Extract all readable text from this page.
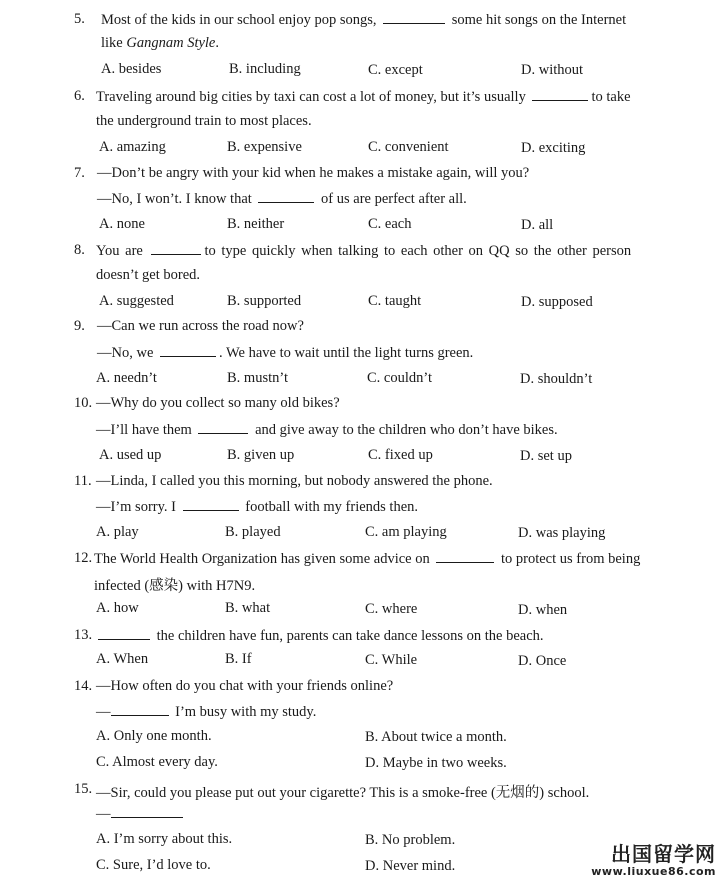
5. Most of the kids in our school enjoy pop songs,	some hit songs on the Internet
like Gangnam Style.
A. besides	B. including	C. except	D. without
6. Traveling around big cities by taxi can cost a lot of money, but it’s usually	to take
the underground train to most places.
A. amazing	B. expensive	C. convenient	D. exciting
7. —Don’t be angry with your kid when he makes a mistake again, will you?
—No, I won’t. I know that	of us are perfect after all.
A. none	B. neither	C. each	D. all
8. You are	to type quickly when talking to each other on QQ so the other person
doesn’t get bored.
A. suggested	B. supported	C. taught	D. supposed
9. —Can we run across the road now?
—No, we	. We have to wait until the light turns green.
A. needn’t	B. mustn’t	C. couldn’t	D. shouldn’t
10. —Why do you collect so many old bikes?
—I’ll have them	and give away to the children who don’t have bikes.
A. used up	B. given up	C. fixed up	D. set up
11. —Linda, I called you this morning, but nobody answered the phone.
—I’m sorry. I	football with my friends then.
A. play	B. played	C. am playing	D. was playing
12. The World Health Organization has given some advice on	to protect us from being
infected (感染) with H7N9.
A. how	B. what	C. where	D. when
13.	the children have fun, parents can take dance lessons on the beach.
A. When	B. If	C. While	D. Once
14. —How often do you chat with your friends online?
—	I’m busy with my study.
A. Only one month.	B. About twice a month.
C. Almost every day.	D. Maybe in two weeks.
15. —Sir, could you please put out your cigarette? This is a smoke-free (无烟的) school.
—
A. I’m sorry about this.	B. No problem.
C. Sure, I’d love to.	D. Never mind.	出国留学网
www.liuxue86.com
